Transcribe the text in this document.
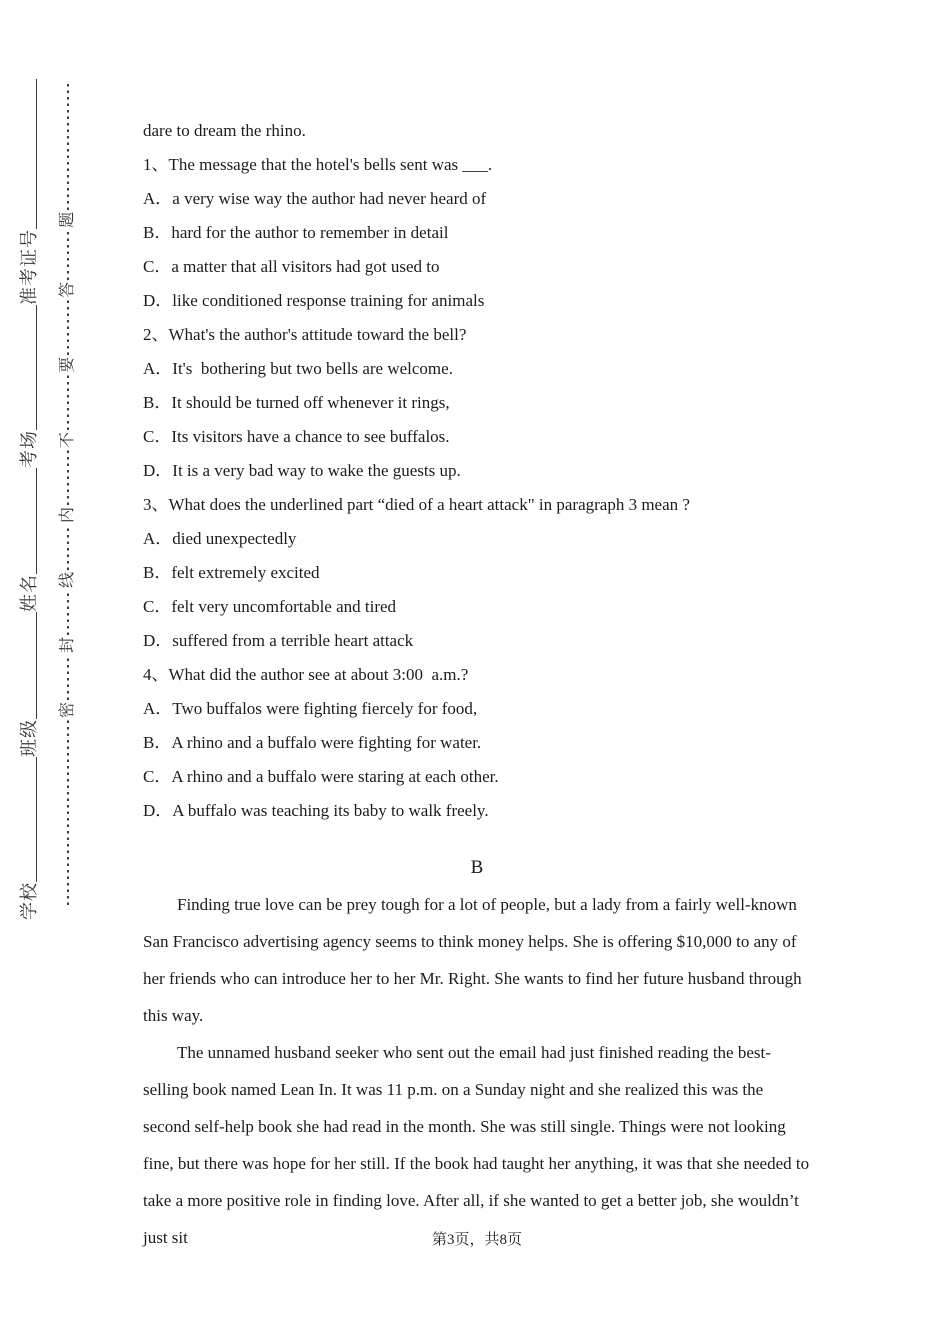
学校
班级
姓名
考场
准考证号
密
封
线
内
不
要
答
题
dare to dream the rhino.
1、The message that the hotel's bells sent was ___.
A．a very wise way the author had never heard of
B．hard for the author to remember in detail
C．a matter that all visitors had got used to
D．like conditioned response training for animals
2、What's the author's attitude toward the bell?
A．It's  bothering but two bells are welcome.
B．It should be turned off whenever it rings,
C．Its visitors have a chance to see buffalos.
D．It is a very bad way to wake the guests up.
3、What does the underlined part “died of a heart attack" in paragraph 3 mean ?
A．died unexpectedly
B．felt extremely excited
C．felt very uncomfortable and tired
D．suffered from a terrible heart attack
4、What did the author see at about 3:00  a.m.?
A．Two buffalos were fighting fiercely for food,
B．A rhino and a buffalo were fighting for water.
C．A rhino and a buffalo were staring at each other.
D．A buffalo was teaching its baby to walk freely.
B
Finding true love can be prey tough for a lot of people, but a lady from a fairly well-known San Francisco advertising agency seems to think money helps. She is offering $10,000 to any of her friends who can introduce her to her Mr. Right. She wants to find her future husband through this way.
The unnamed husband seeker who sent out the email had just finished reading the best-selling book named Lean In. It was 11 p.m. on a Sunday night and she realized this was the second self-help book she had read in the month. She was still single. Things were not looking fine, but there was hope for her still. If the book had taught her anything, it was that she needed to take a more positive role in finding love. After all, if she wanted to get a better job, she wouldn’t just sit	第3页，共8页
